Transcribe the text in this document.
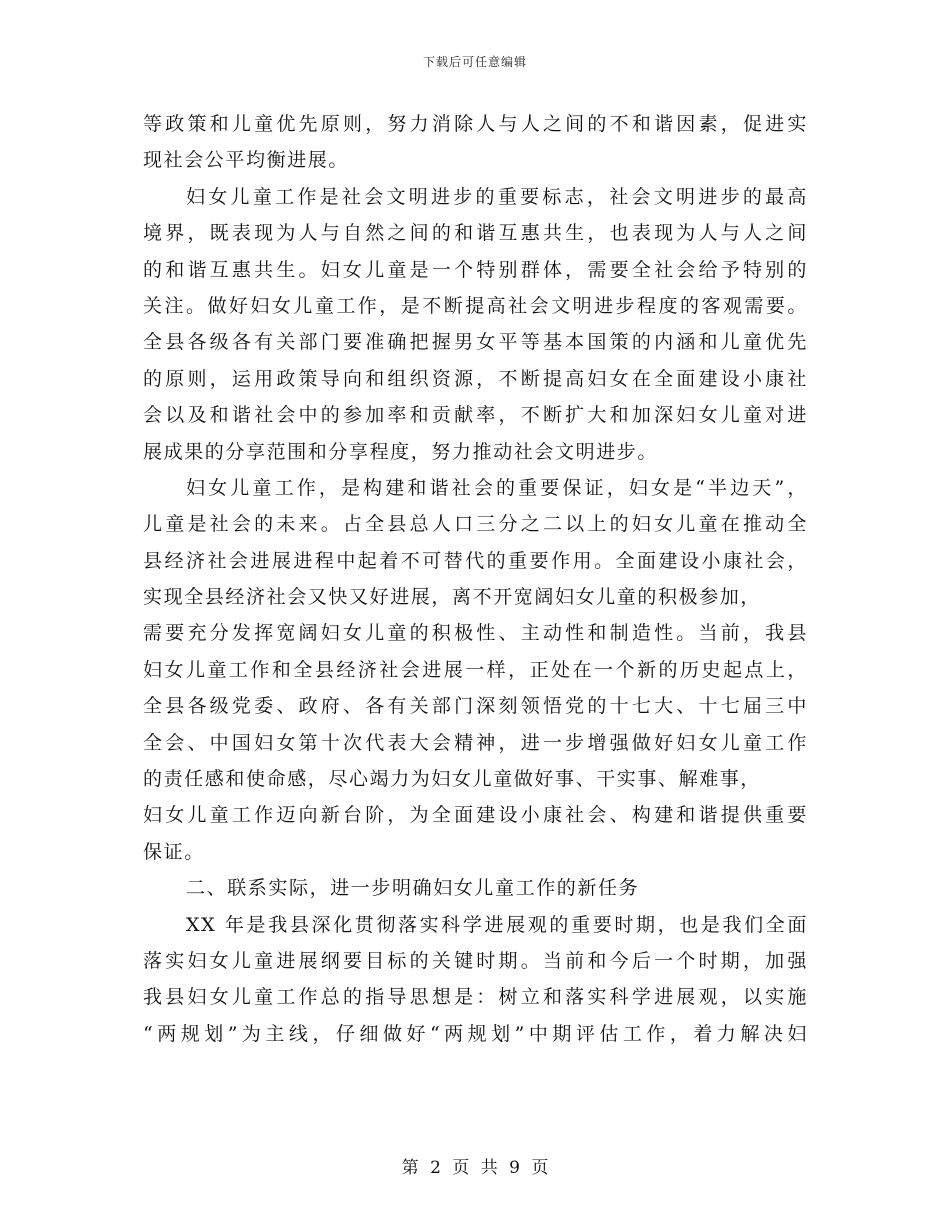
下载后可任意编辑
等政策和儿童优先原则，努力消除人与人之间的不和谐因素，促进实
现社会公平均衡进展。
妇女儿童工作是社会文明进步的重要标志，社会文明进步的最高
境界，既表现为人与自然之间的和谐互惠共生，也表现为人与人之间
的和谐互惠共生。妇女儿童是一个特别群体，需要全社会给予特别的
关注。做好妇女儿童工作，是不断提高社会文明进步程度的客观需要。
全县各级各有关部门要准确把握男女平等基本国策的内涵和儿童优先
的原则，运用政策导向和组织资源，不断提高妇女在全面建设小康社
会以及和谐社会中的参加率和贡献率，不断扩大和加深妇女儿童对进
展成果的分享范围和分享程度，努力推动社会文明进步。
妇女儿童工作，是构建和谐社会的重要保证，妇女是“半边天”，
儿童是社会的未来。占全县总人口三分之二以上的妇女儿童在推动全
县经济社会进展进程中起着不可替代的重要作用。全面建设小康社会，
实现全县经济社会又快又好进展，离不开宽阔妇女儿童的积极参加，
需要充分发挥宽阔妇女儿童的积极性、主动性和制造性。当前，我县
妇女儿童工作和全县经济社会进展一样，正处在一个新的历史起点上，
全县各级党委、政府、各有关部门深刻领悟党的十七大、十七届三中
全会、中国妇女第十次代表大会精神，进一步增强做好妇女儿童工作
的责任感和使命感，尽心竭力为妇女儿童做好事、干实事、解难事，
妇女儿童工作迈向新台阶，为全面建设小康社会、构建和谐提供重要
保证。
二、联系实际，进一步明确妇女儿童工作的新任务
XX 年是我县深化贯彻落实科学进展观的重要时期，也是我们全面
落实妇女儿童进展纲要目标的关键时期。当前和今后一个时期，加强
我县妇女儿童工作总的指导思想是：树立和落实科学进展观，以实施
“两规划”为主线，仔细做好“两规划”中期评估工作，着力解决妇
第 2 页 共 9 页
